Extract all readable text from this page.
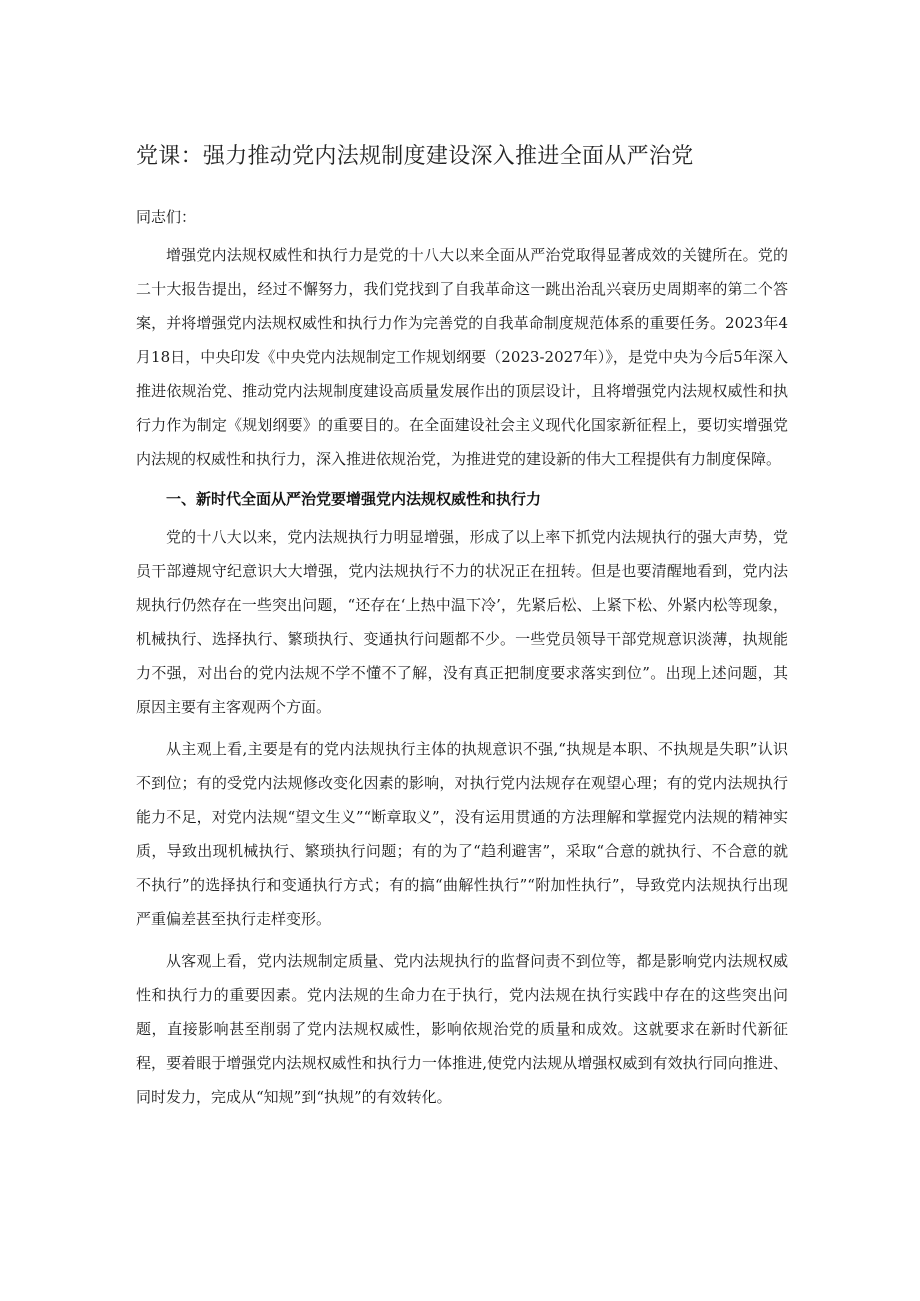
党课：强力推动党内法规制度建设深入推进全面从严治党

同志们：

增强党内法规权威性和执行力是党的十八大以来全面从严治党取得显著成效的关键所在。党的二十大报告提出，经过不懈努力，我们党找到了自我革命这一跳出治乱兴衰历史周期率的第二个答案，并将增强党内法规权威性和执行力作为完善党的自我革命制度规范体系的重要任务。2023年4月18日，中央印发《中央党内法规制定工作规划纲要（2023-2027年）》，是党中央为今后5年深入推进依规治党、推动党内法规制度建设高质量发展作出的顶层设计，且将增强党内法规权威性和执行力作为制定《规划纲要》的重要目的。在全面建设社会主义现代化国家新征程上，要切实增强党内法规的权威性和执行力，深入推进依规治党，为推进党的建设新的伟大工程提供有力制度保障。

一、新时代全面从严治党要增强党内法规权威性和执行力

党的十八大以来，党内法规执行力明显增强，形成了以上率下抓党内法规执行的强大声势，党员干部遵规守纪意识大大增强，党内法规执行不力的状况正在扭转。但是也要清醒地看到，党内法规执行仍然存在一些突出问题，“还存在‘上热中温下冷’，先紧后松、上紧下松、外紧内松等现象，机械执行、选择执行、繁琐执行、变通执行问题都不少。一些党员领导干部党规意识淡薄，执规能力不强，对出台的党内法规不学不懂不了解，没有真正把制度要求落实到位”。出现上述问题，其原因主要有主客观两个方面。

从主观上看,主要是有的党内法规执行主体的执规意识不强,“执规是本职、不执规是失职”认识不到位；有的受党内法规修改变化因素的影响，对执行党内法规存在观望心理；有的党内法规执行能力不足，对党内法规“望文生义”“断章取义”，没有运用贯通的方法理解和掌握党内法规的精神实质，导致出现机械执行、繁琐执行问题；有的为了“趋利避害”，采取“合意的就执行、不合意的就不执行”的选择执行和变通执行方式；有的搞“曲解性执行”“附加性执行”，导致党内法规执行出现严重偏差甚至执行走样变形。

从客观上看，党内法规制定质量、党内法规执行的监督问责不到位等，都是影响党内法规权威性和执行力的重要因素。党内法规的生命力在于执行，党内法规在执行实践中存在的这些突出问题，直接影响甚至削弱了党内法规权威性，影响依规治党的质量和成效。这就要求在新时代新征程，要着眼于增强党内法规权威性和执行力一体推进,使党内法规从增强权威到有效执行同向推进、同时发力，完成从“知规”到“执规”的有效转化。
